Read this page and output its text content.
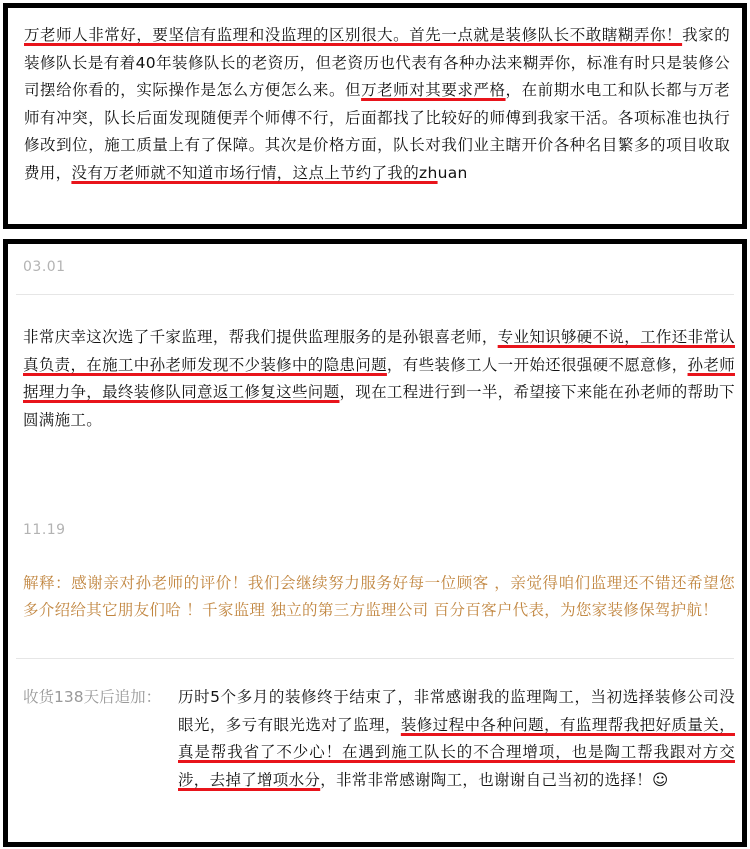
万老师人非常好，要坚信有监理和没监理的区别很大。首先一点就是装修队长不敢瞎糊弄你！我家的装修队长是有着40年装修队长的老资历，但老资历也代表有各种办法来糊弄你，标准有时只是装修公司摆给你看的，实际操作是怎么方便怎么来。但万老师对其要求严格，在前期水电工和队长都与万老师有冲突，队长后面发现随便弄个师傅不行，后面都找了比较好的师傅到我家干活。各项标准也执行修改到位，施工质量上有了保障。其次是价格方面，队长对我们业主瞎开价各种名目繁多的项目收取费用，没有万老师就不知道市场行情，这点上节约了我的zhuan

03.01

非常庆幸这次选了千家监理，帮我们提供监理服务的是孙银喜老师，专业知识够硬不说，工作还非常认真负责，在施工中孙老师发现不少装修中的隐患问题，有些装修工人一开始还很强硬不愿意修，孙老师据理力争，最终装修队同意返工修复这些问题，现在工程进行到一半，希望接下来能在孙老师的帮助下圆满施工。

11.19

解释：感谢亲对孙老师的评价！我们会继续努力服务好每一位顾客 ，亲觉得咱们监理还不错还希望您多介绍给其它朋友们哈 ！千家监理 独立的第三方监理公司 百分百客户代表，为您家装修保驾护航！

收货138天后追加：	历时5个多月的装修终于结束了，非常感谢我的监理陶工，当初选择装修公司没眼光，多亏有眼光选对了监理，装修过程中各种问题，有监理帮我把好质量关，真是帮我省了不少心！在遇到施工队长的不合理增项，也是陶工帮我跟对方交涉，去掉了增项水分，非常非常感谢陶工，也谢谢自己当初的选择！☺
